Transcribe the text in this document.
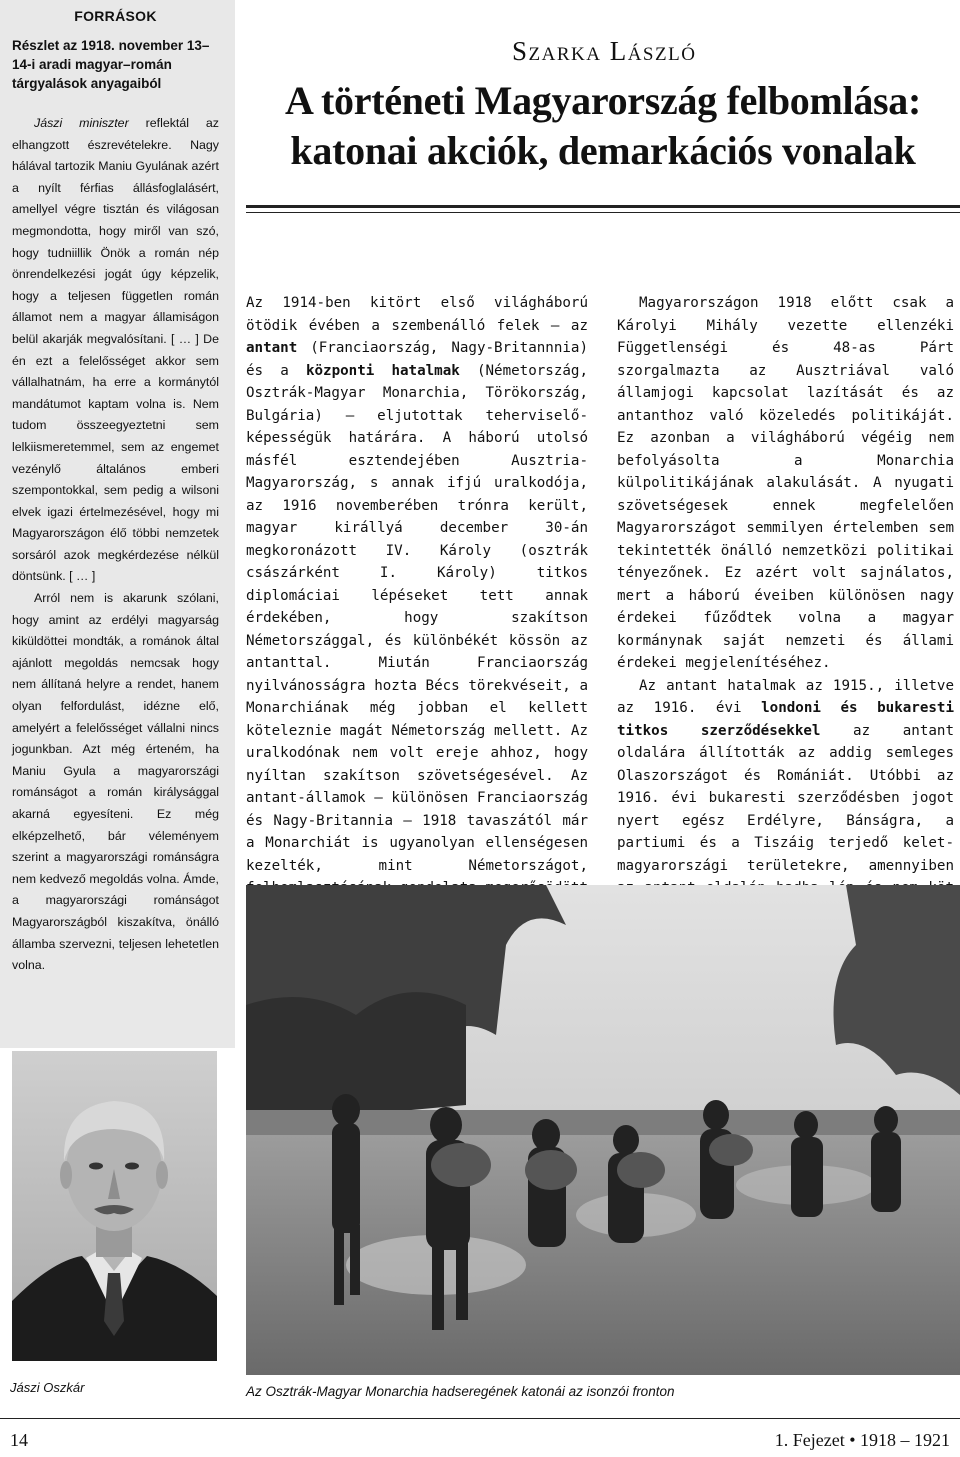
FORRÁSOK
Részlet az 1918. november 13–14-i aradi magyar–román tárgyalások anyagaiból

Jászi miniszter reflektál az elhangzott észrevételekre. Nagy hálával tartozik Maniu Gyulának azért a nyílt férfias állásfoglalásért, amellyel végre tisztán és világosan megmondotta, hogy miről van szó, hogy tudniillik Önök a román nép önrendelkezési jogát úgy képzelik, hogy a teljesen független román államot nem a magyar államiságon belül akarják megvalósítani. [ … ] De én ezt a felelősséget akkor sem vállalhatnám, ha erre a kormánytól mandátumot kaptam volna is. Nem tudom összeegyeztetni sem lelkiismeretemmel, sem az engemet vezénylő általános emberi szempontokkal, sem pedig a wilsoni elvek igazi értelmezésével, hogy mi Magyarországon élő többi nemzetek sorsáról azok megkérdezése nélkül döntsünk. [ … ]

Arról nem is akarunk szólani, hogy amint az erdélyi magyarság kiküldöttei mondták, a románok által ajánlott megoldás nemcsak hogy nem állítaná helyre a rendet, hanem olyan felfordulást, idézne elő, amelyért a felelősséget vállalni nincs jogunkban. Azt még érteném, ha Maniu Gyula a magyarországi románságot a román királysággal akarná egyesíteni. Ez még elképzelhető, bár véleményem szerint a magyarországi románságra nem kedvező megoldás volna. Ámde, a magyarországi románságot Magyarországból kiszakítva, önálló államba szervezni, teljesen lehetetlen volna.

Jászi Oszkár
Szarka László
A történeti Magyarország felbomlása:
katonai akciók, demarkációs vonalak

Az 1914-ben kitört első világháború ötödik évében a szembenálló felek – az antant (Franciaország, Nagy-Britannnia) és a központi hatalmak (Németország, Osztrák-Magyar Monarchia, Törökország, Bulgária) – eljutottak teherviselő-képességük határára. A háború utolsó másfél esztendejében Ausztria-Magyarország, s annak ifjú uralkodója, az 1916 novemberében trónra került, magyar királlyá december 30-án megkoronázott IV. Károly (osztrák császárként I. Károly) titkos diplomáciai lépéseket tett annak érdekében, hogy szakítson Németországgal, és különbékét kössön az antanttal. Miután Franciaország nyilvánosságra hozta Bécs törekvéseit, a Monarchiának még jobban el kellett köteleznie magát Németország mellett. Az uralkodónak nem volt ereje ahhoz, hogy nyíltan szakítson szövetségesével. Az antant-államok – különösen Franciaország és Nagy-Britannia – 1918 tavaszától már a Monarchiát is ugyanolyan ellenségesen kezelték, mint Németországot,

Magyarországon 1918 előtt csak a Károlyi Mihály vezette ellenzéki Függetlenségi és 48-as Párt szorgalmazta az Ausztriával való államjogi kapcsolat lazítását és az antanthoz való közeledés politikáját. Ez azonban a világháború végéig nem befolyásolta a Monarchia külpolitikájának alakulását. A nyugati szövetségesek ennek megfelelően Magyarországot semmilyen értelemben sem tekintették önálló nemzetközi politikai tényezőnek. Ez azért volt sajnálatos, mert a háború éveiben különösen nagy érdekei fűződtek volna a magyar kormánynak saját nemzeti és állami érdekei megjelenítéséhez.

Az antant hatalmak az 1915., illetve az 1916. évi londoni és bukaresti titkos szerződésekkel az antant oldalára állították az addig semleges Olaszországot és Romániát. Utóbbi az 1916. évi bukaresti szerződésben jogot nyert egész Erdélyre, Bánságra, a partiumi és a Tiszáig terjedő kelet-magyarországi területekre, amennyiben

Az Osztrák-Magyar Monarchia hadseregének katonái az isonzói fronton
14	1. Fejezet • 1918 – 1921
